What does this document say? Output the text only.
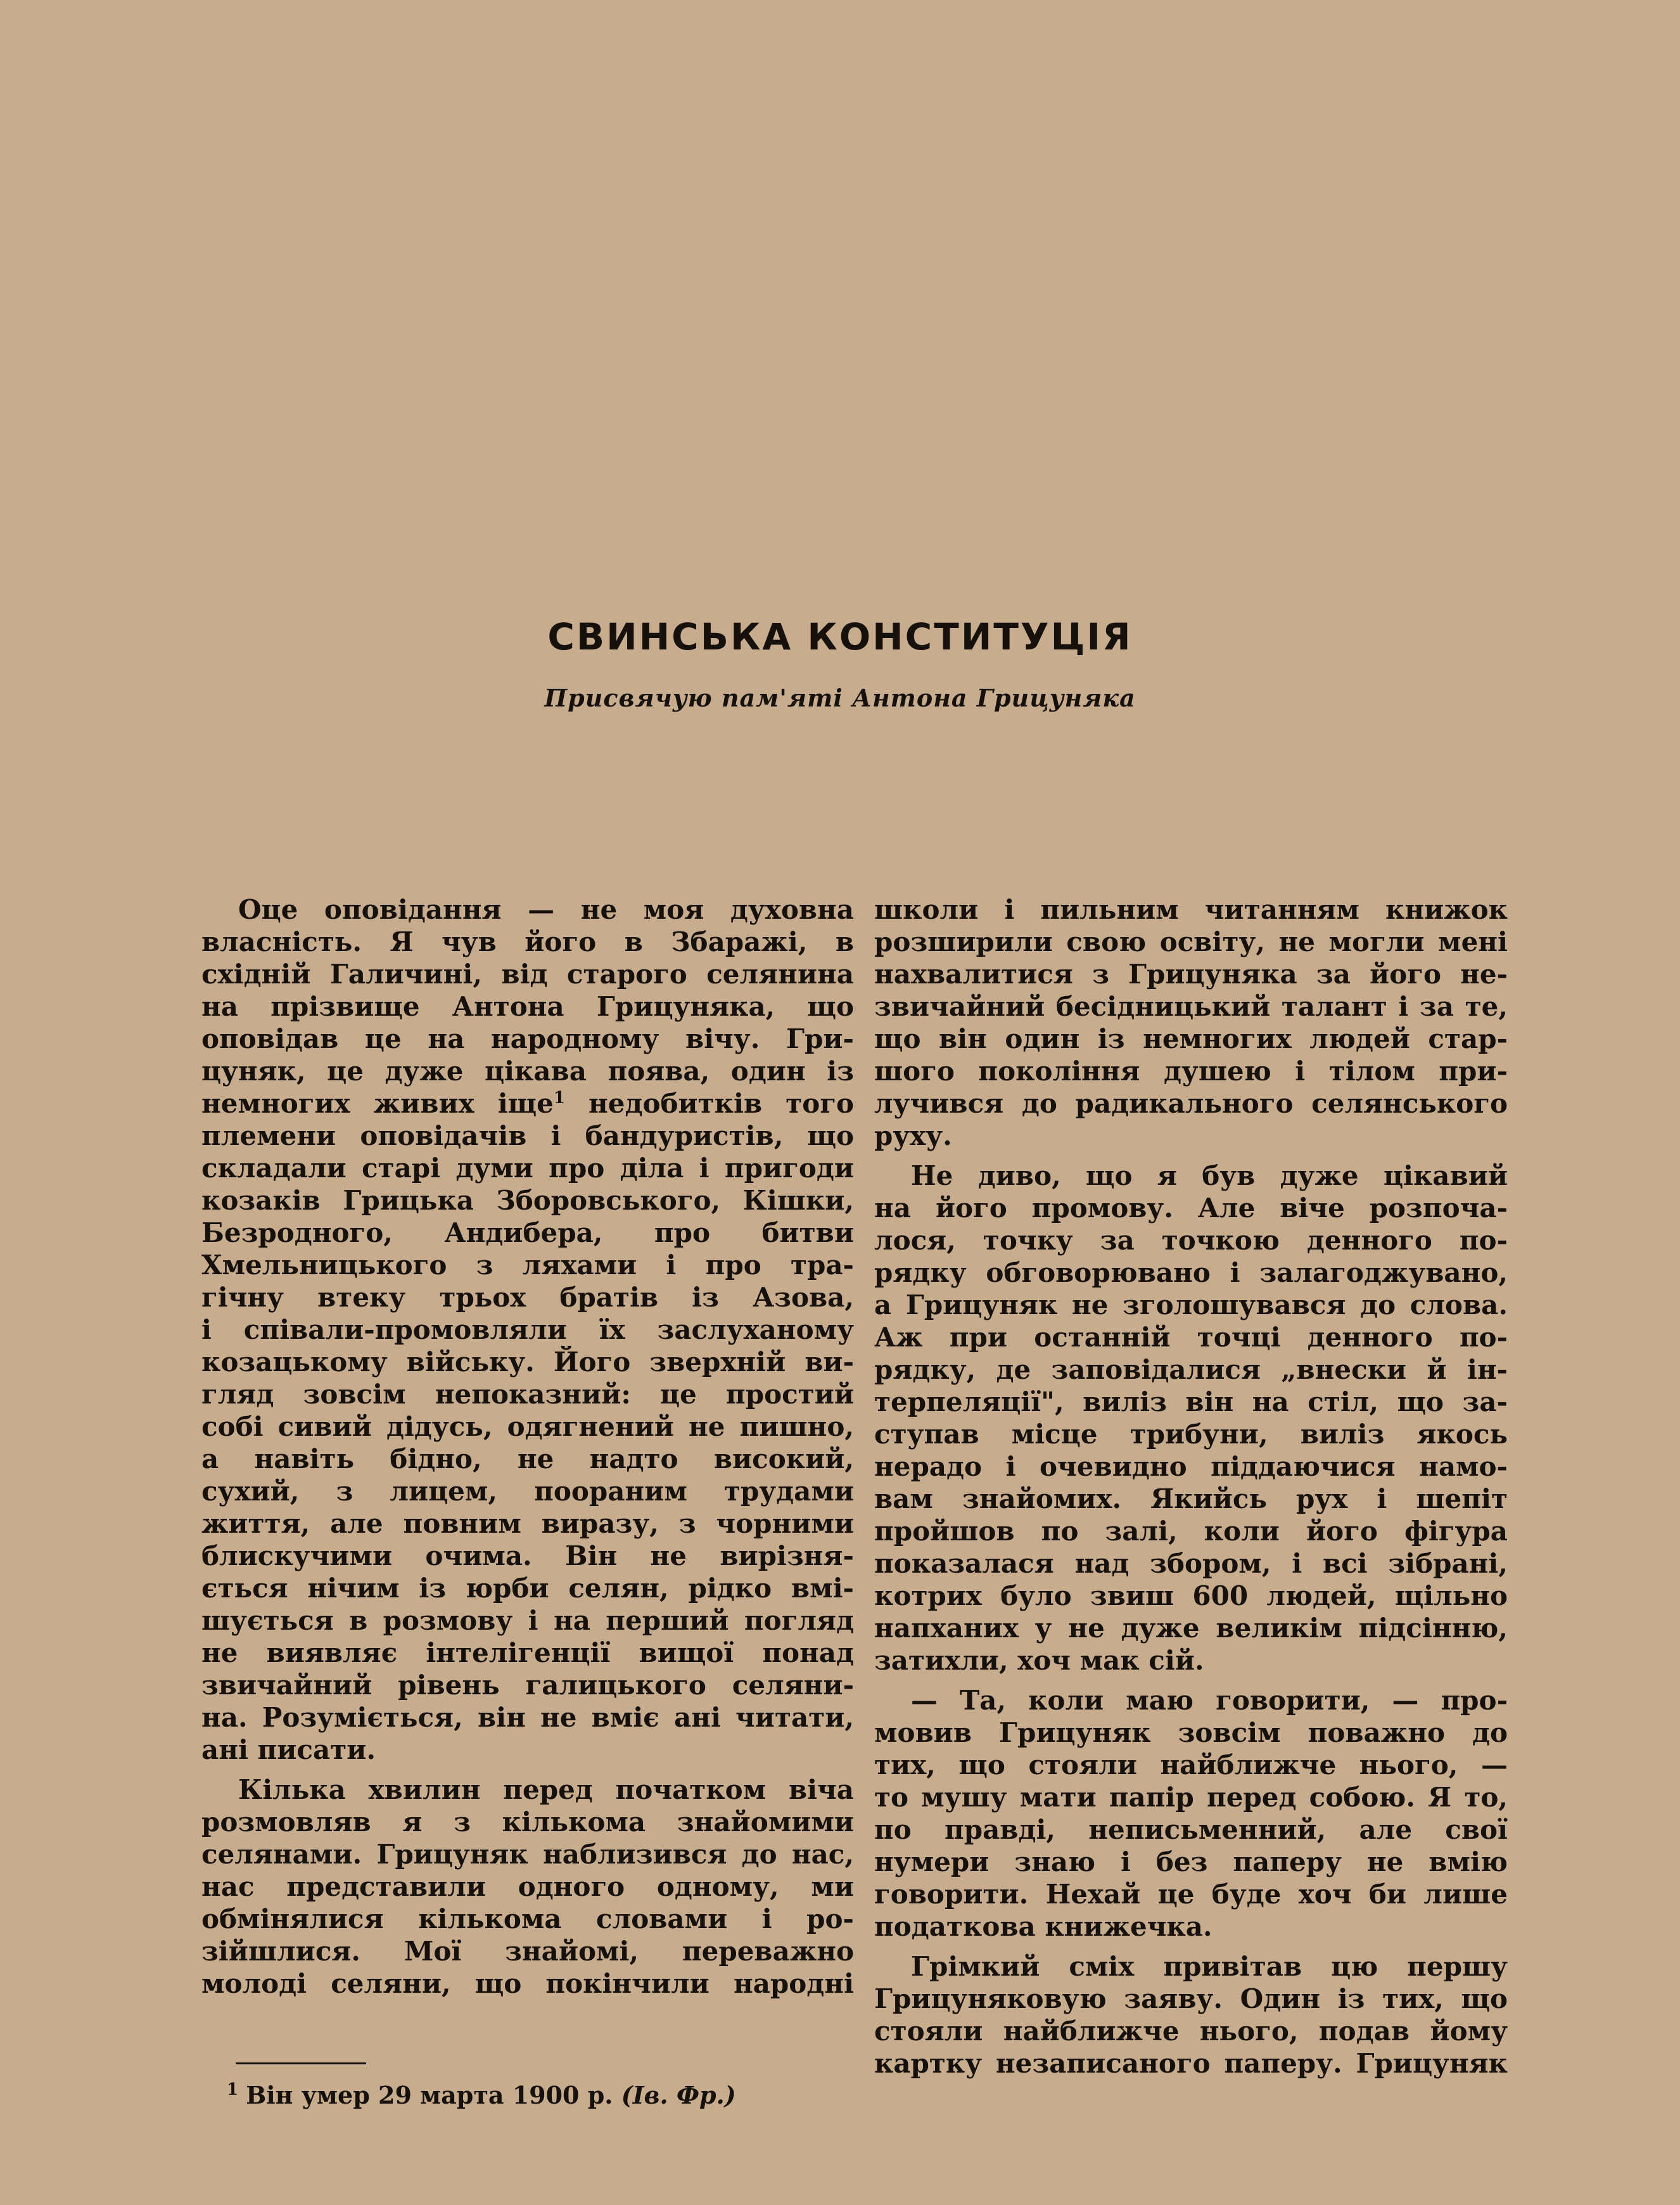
СВИНСЬКА КОНСТИТУЦІЯ
Присвячую пам'яті Антона Грицуняка
Оце оповідання — не моя духовна
власність. Я чув його в Збаражі, в
східній Галичині, від старого селянина
на прізвище Антона Грицуняка, що
оповідав це на народному вічу. Гри-
цуняк, це дуже цікава поява, один із
немногих живих іще$^1$ недобитків того
племени оповідачів і бандуристів, що
складали старі думи про діла і пригоди
козаків Грицька Зборовського, Кішки,
Безродного, Андибера, про битви
Хмельницького з ляхами і про тра-
гічну втеку трьох братів із Азова,
і співали-промовляли їх заслуханому
козацькому війську. Його зверхній ви-
гляд зовсім непоказний: це простий
собі сивий дідусь, одягнений не пишно,
а навіть бідно, не надто високий,
сухий, з лицем, поораним трудами
життя, але повним виразу, з чорними
блискучими очима. Він не вирізня-
ється нічим із юрби селян, рідко вмі-
шується в розмову і на перший погляд
не виявляє інтелігенції вищої понад
звичайний рівень галицького селяни-
на. Розуміється, він не вміє ані читати,
ані писати.
Кілька хвилин перед початком віча
розмовляв я з кількома знайомими
селянами. Грицуняк наблизився до нас,
нас представили одного одному, ми
обмінялися кількома словами і ро-
зійшлися. Мої знайомі, переважно
молоді селяни, що покінчили народні
школи і пильним читанням книжок
розширили свою освіту, не могли мені
нахвалитися з Грицуняка за його не-
звичайний бесідницький талант і за те,
що він один із немногих людей стар-
шого покоління душею і тілом при-
лучився до радикального селянського
руху.
Не диво, що я був дуже цікавий
на його промову. Але віче розпоча-
лося, точку за точкою денного по-
рядку обговорювано і залагоджувано,
а Грицуняк не зголошувався до слова.
Аж при останній точці денного по-
рядку, де заповідалися „внески й ін-
терпеляції", виліз він на стіл, що за-
ступав місце трибуни, виліз якось
нерадо і очевидно піддаючися намо-
вам знайомих. Якийсь рух і шепіт
пройшов по залі, коли його фігура
показалася над збором, і всі зібрані,
котрих було звиш 600 людей, щільно
напханих у не дуже великім підсінню,
затихли, хоч мак сій.
— Та, коли маю говорити, — про-
мовив Грицуняк зовсім поважно до
тих, що стояли найближче нього, —
то мушу мати папір перед собою. Я то,
по правді, неписьменний, але свої
нумери знаю і без паперу не вмію
говорити. Нехай це буде хоч би лише
податкова книжечка.
Грімкий сміх привітав цю першу
Грицуняковую заяву. Один із тих, що
стояли найближче нього, подав йому
картку незаписаного паперу. Грицуняк
$^1$ Він умер 29 марта 1900 р. (Ів. Фр.)
